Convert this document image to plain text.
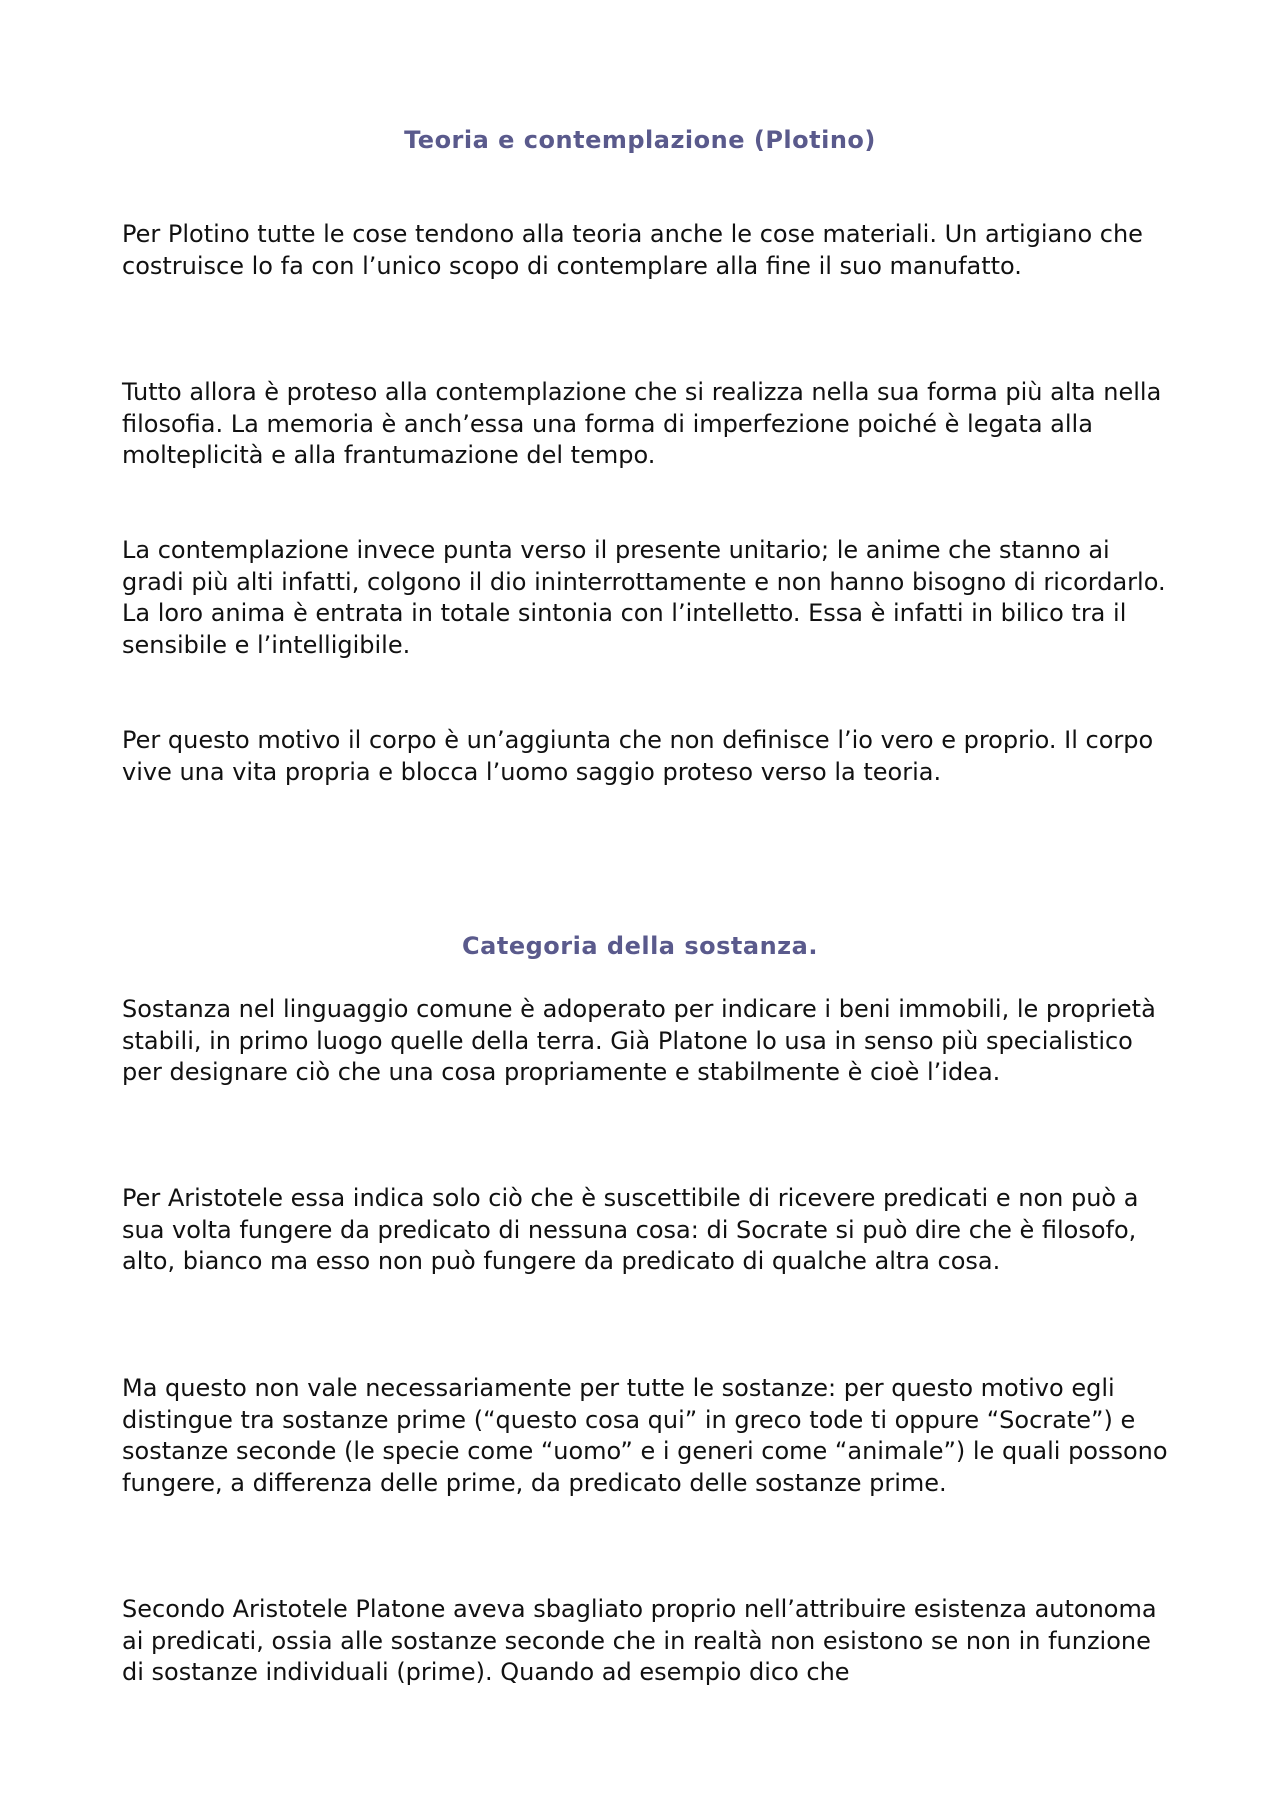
Teoria e contemplazione (Plotino)

Per Plotino tutte le cose tendono alla teoria anche le cose materiali. Un artigiano che costruisce lo fa con l’unico scopo di contemplare alla fine il suo manufatto.

Tutto allora è proteso alla contemplazione che si realizza nella sua forma più alta nella filosofia. La memoria è anch’essa una forma di imperfezione poiché è legata alla molteplicità e alla frantumazione del tempo.

La contemplazione invece punta verso il presente unitario; le anime che stanno ai gradi più alti infatti, colgono il dio ininterrottamente e non hanno bisogno di ricordarlo. La loro anima è entrata in totale sintonia con l’intelletto. Essa è infatti in bilico tra il sensibile e l’intelligibile.

Per questo motivo il corpo è un’aggiunta che non definisce l’io vero e proprio. Il corpo vive una vita propria e blocca l’uomo saggio proteso verso la teoria.

Categoria della sostanza.

Sostanza nel linguaggio comune è adoperato per indicare i beni immobili, le proprietà stabili, in primo luogo quelle della terra. Già Platone lo usa in senso più specialistico per designare ciò che una cosa propriamente e stabilmente è cioè l’idea.

Per Aristotele essa indica solo ciò che è suscettibile di ricevere predicati e non può a sua volta fungere da predicato di nessuna cosa: di Socrate si può dire che è filosofo, alto, bianco ma esso non può fungere da predicato di qualche altra cosa.

Ma questo non vale necessariamente per tutte le sostanze: per questo motivo egli distingue tra sostanze prime (“questo cosa qui” in greco tode ti oppure “Socrate”) e sostanze seconde (le specie come “uomo” e i generi come “animale”) le quali possono fungere, a differenza delle prime, da predicato delle sostanze prime.

Secondo Aristotele Platone aveva sbagliato proprio nell’attribuire esistenza autonoma ai predicati, ossia alle sostanze seconde che in realtà non esistono se non in funzione di sostanze individuali (prime). Quando ad esempio dico che
